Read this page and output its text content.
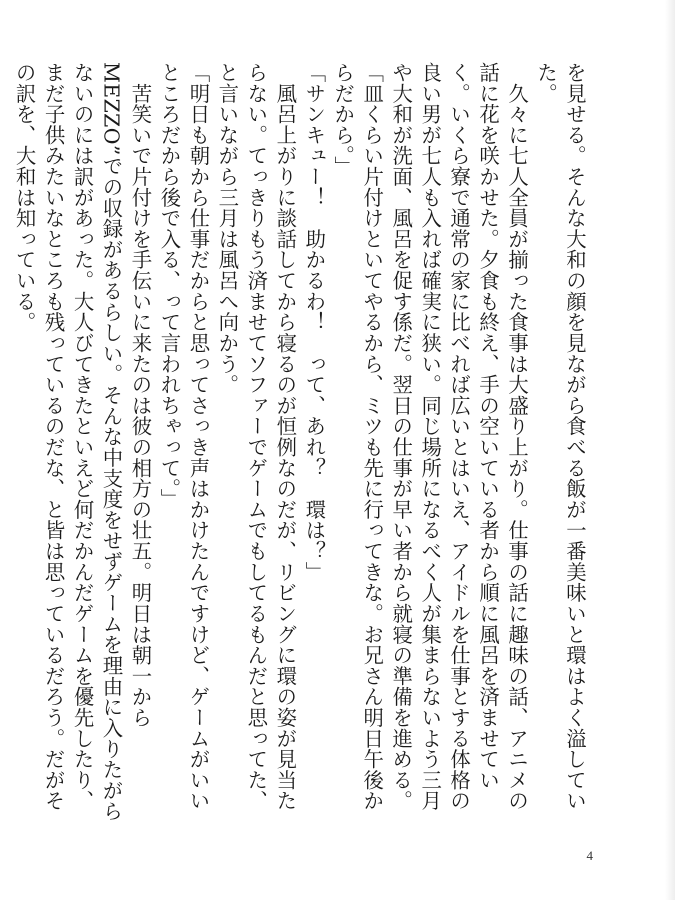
を見せる。そんな大和の顔を見ながら食べる飯が一番美味いと環はよく溢していた。
　久々に七人全員が揃った食事は大盛り上がり。仕事の話に趣味の話、アニメの話に花を咲かせた。夕食も終え、手の空いている者から順に風呂を済ませていく。いくら寮で通常の家に比べれば広いとはいえ、アイドルを仕事とする体格の良い男が七人も入れば確実に狭い。同じ場所になるべく人が集まらないよう三月や大和が洗面、風呂を促す係だ。翌日の仕事が早い者から就寝の準備を進める。
「皿くらい片付けといてやるから、ミツも先に行ってきな。お兄さん明日午後からだから。」
「サンキュー！　助かるわ！　って、あれ？　環は？」
　風呂上がりに談話してから寝るのが恒例なのだが、リビングに環の姿が見当たらない。てっきりもう済ませてソファーでゲームでもしてるもんだと思ってた、と言いながら三月は風呂へ向かう。
「明日も朝から仕事だからと思ってさっき声はかけたんですけど、ゲームがいいところだから後で入る、って言われちゃって。」
　苦笑いで片付けを手伝いに来たのは彼の相方の壮五。明日は朝一からMEZZO”での収録があるらしい。そんな中支度をせずゲームを理由に入りたがらないのには訳があった。大人びてきたといえど何だかんだゲームを優先したり、まだ子供みたいなところも残っているのだな、と皆は思っているだろう。だがその訳を、大和は知っている。
4
